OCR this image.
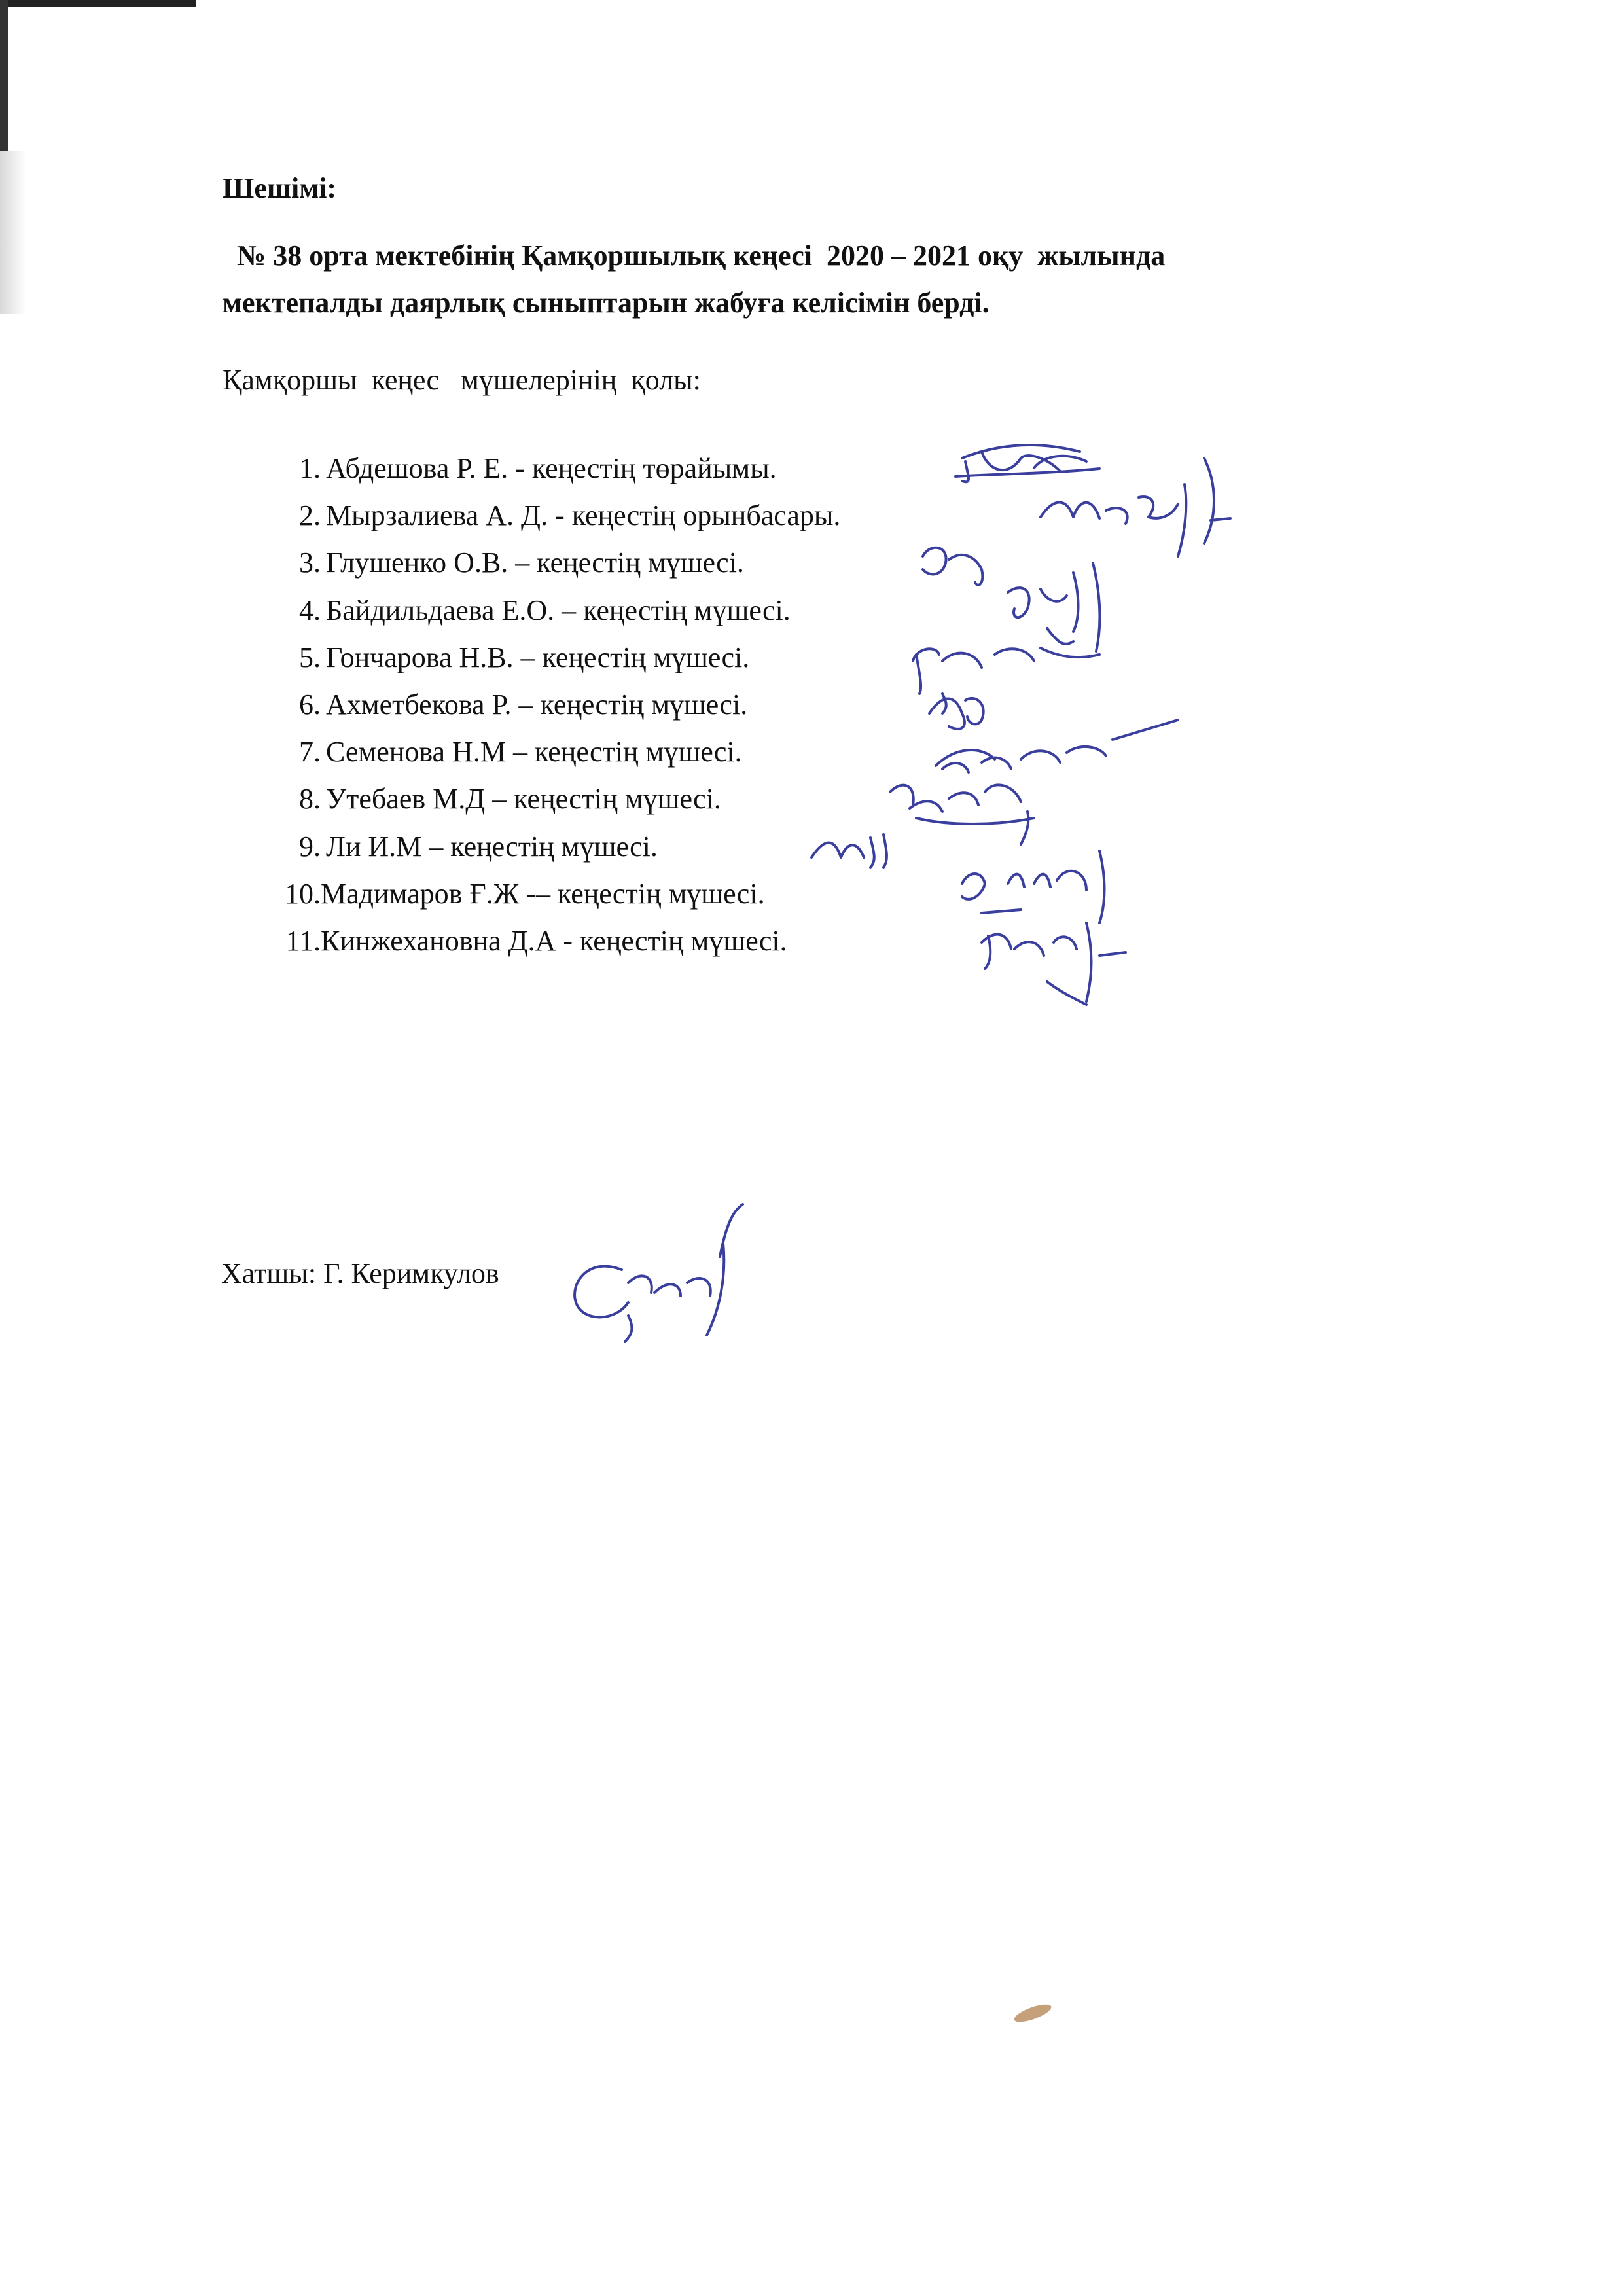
Шешімі:

№ 38 орта мектебінің Қамқоршылық кеңесі  2020 – 2021 оқу  жылында
мектепалды даярлық сыныптарын жабуға келісімін берді.

Қамқоршы  кеңес   мүшелерінің  қолы:

1. Абдешова Р. Е. - кеңестің төрайымы.
2. Мырзалиева А. Д. - кеңестің орынбасары.
3. Глушенко О.В. – кеңестің мүшесі.
4. Байдильдаева Е.О. – кеңестің мүшесі.
5. Гончарова Н.В. – кеңестің мүшесі.
6. Ахметбекова Р. – кеңестің мүшесі.
7. Семенова Н.М – кеңестің мүшесі.
8. Утебаев М.Д – кеңестің мүшесі.
9. Ли И.М – кеңестің мүшесі.
10.Мадимаров Ғ.Ж -– кеңестің мүшесі.
11.Кинжехановна Д.А - кеңестің мүшесі.

Хатшы: Г. Керимкулов
